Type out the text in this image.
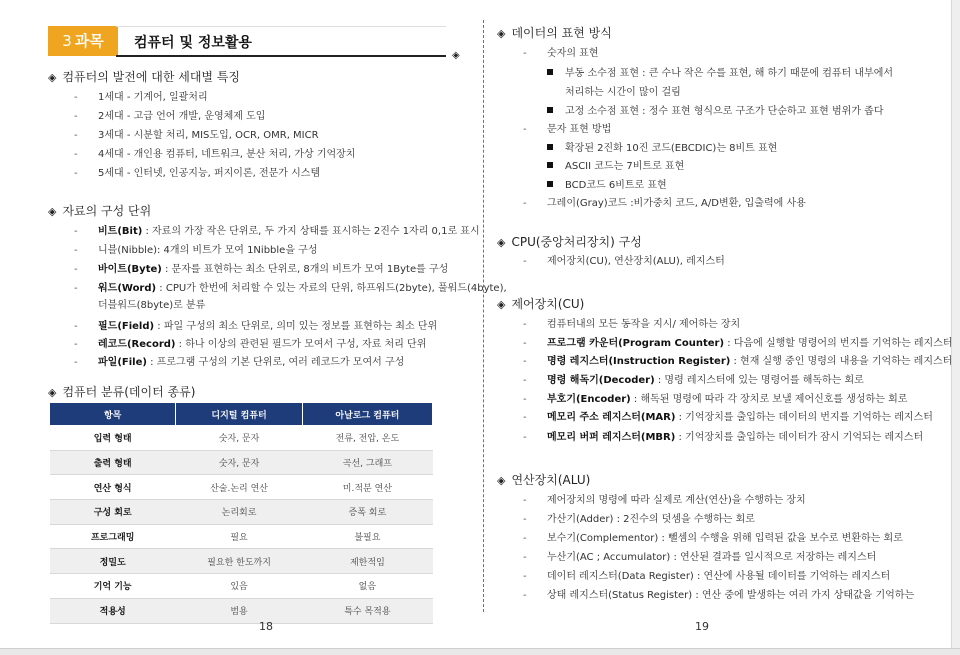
3 과목	컴퓨터 및 정보활용
◈
◈ 컴퓨터의 발전에 대한 세대별 특징
- 1세대 - 기계어, 일괄처리
- 2세대 - 고급 언어 개발, 운영체제 도입
- 3세대 - 시분할 처리, MIS도입, OCR, OMR, MICR
- 4세대 - 개인용 컴퓨터, 네트워크, 분산 처리, 가상 기억장치
- 5세대 - 인터넷, 인공지능, 퍼지이론, 전문가 시스템
◈ 자료의 구성 단위
- 비트(Bit) : 자료의 가장 작은 단위로, 두 가지 상태를 표시하는 2진수 1자리 0,1로 표시
- 니블(Nibble): 4개의 비트가 모여 1Nibble을 구성
- 바이트(Byte) : 문자를 표현하는 최소 단위로, 8개의 비트가 모여 1Byte를 구성
- 워드(Word) : CPU가 한번에 처리할 수 있는 자료의 단위, 하프워드(2byte), 풀워드(4byte),
더블워드(8byte)로 분류
- 필드(Field) : 파일 구성의 최소 단위로, 의미 있는 정보를 표현하는 최소 단위
- 레코드(Record) : 하나 이상의 관련된 필드가 모여서 구성, 자료 처리 단위
- 파일(File) : 프로그램 구성의 기본 단위로, 여러 레코드가 모여서 구성
◈ 컴퓨터 분류(데이터 종류)
항목	디지털 컴퓨터	아날로그 컴퓨터
입력 형태	숫자, 문자	전류, 전압, 온도
출력 형태	숫자, 문자	곡선, 그래프
연산 형식	산술.논리 연산	미.적분 연산
구성 회로	논리회로	증폭 회로
프로그래밍	필요	불필요
정밀도	필요한 한도까지	제한적임
기억 기능	있음	없음
적용성	범용	특수 목적용
18
◈ 데이터의 표현 방식
- 숫자의 표현
부동 소수점 표현 : 큰 수나 작은 수를 표현, 해 하기 때문에 컴퓨터 내부에서
처리하는 시간이 많이 걸림
고정 소수점 표현 : 정수 표현 형식으로 구조가 단순하고 표현 범위가 좁다
- 문자 표현 방법
확장된 2진화 10진 코드(EBCDIC)는 8비트 표현
ASCII 코드는 7비트로 표현
BCD코드 6비트로 표현
- 그레이(Gray)코드 :비가중치 코드, A/D변환, 입출력에 사용
◈ CPU(중앙처리장치) 구성
- 제어장치(CU), 연산장치(ALU), 레지스터
◈ 제어장치(CU)
- 컴퓨터내의 모든 동작을 지시/ 제어하는 장치
- 프로그램 카운터(Program Counter) : 다음에 실행할 명령어의 번지를 기억하는 레지스터
- 명령 레지스터(Instruction Register) : 현재 실행 중인 명령의 내용을 기억하는 레지스터
- 명령 해독기(Decoder) : 명령 레지스터에 있는 명령어를 해독하는 회로
- 부호기(Encoder) : 해독된 명령에 따라 각 장치로 보낼 제어신호를 생성하는 회로
- 메모리 주소 레지스터(MAR) : 기억장치를 출입하는 데이터의 번지를 기억하는 레지스터
- 메모리 버퍼 레지스터(MBR) : 기억장치를 출입하는 데이터가 잠시 기억되는 레지스터
◈ 연산장치(ALU)
- 제어장치의 명령에 따라 실제로 계산(연산)을 수행하는 장치
- 가산기(Adder) : 2진수의 덧셈을 수행하는 회로
- 보수기(Complementor) : 뺄셈의 수행을 위해 입력된 값을 보수로 변환하는 회로
- 누산기(AC ; Accumulator) : 연산된 결과를 일시적으로 저장하는 레지스터
- 데이터 레지스터(Data Register) : 연산에 사용될 데이터를 기억하는 레지스터
- 상태 레지스터(Status Register) : 연산 중에 발생하는 여러 가지 상태값을 기억하는
19
